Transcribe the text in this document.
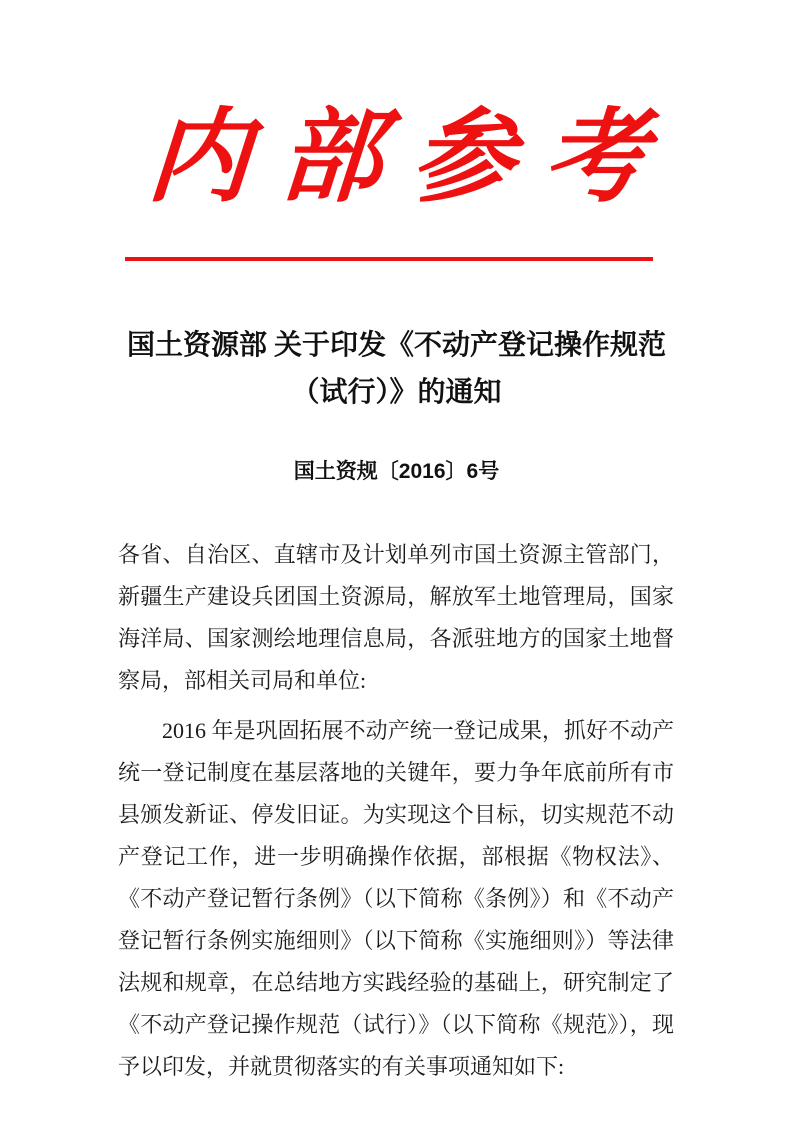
内部参考
国土资源部 关于印发《不动产登记操作规范
（试行）》的通知
国土资规〔2016〕6号

各省、自治区、直辖市及计划单列市国土资源主管部门，新疆生产建设兵团国土资源局，解放军土地管理局，国家海洋局、国家测绘地理信息局，各派驻地方的国家土地督察局，部相关司局和单位:

2016 年是巩固拓展不动产统一登记成果，抓好不动产统一登记制度在基层落地的关键年，要力争年底前所有市县颁发新证、停发旧证。为实现这个目标，切实规范不动产登记工作，进一步明确操作依据，部根据《物权法》、《不动产登记暂行条例》（以下简称《条例》）和《不动产登记暂行条例实施细则》（以下简称《实施细则》）等法律法规和规章，在总结地方实践经验的基础上，研究制定了《不动产登记操作规范（试行）》（以下简称《规范》），现予以印发，并就贯彻落实的有关事项通知如下:
